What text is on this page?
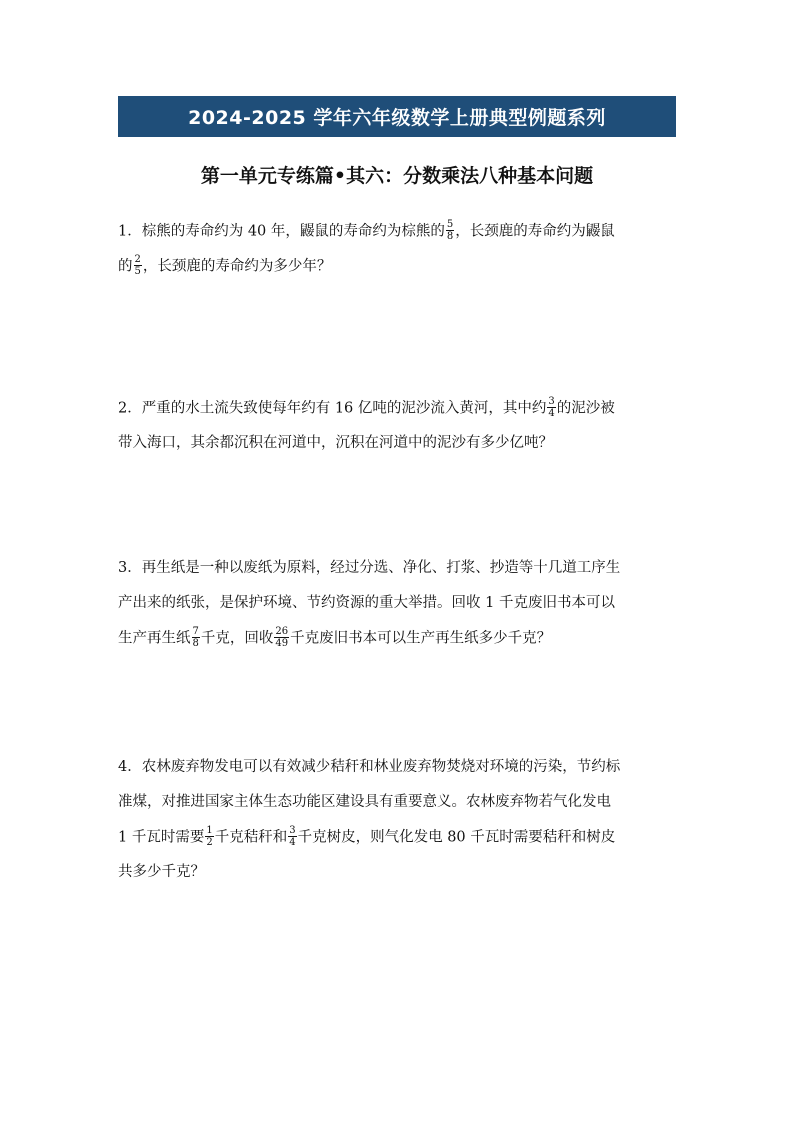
2024-2025 学年六年级数学上册典型例题系列
第一单元专练篇•其六：分数乘法八种基本问题
1．棕熊的寿命约为 40 年，鼹鼠的寿命约为棕熊的 $\frac{5}{8}$ ，长颈鹿的寿命约为鼹鼠
的 $\frac{2}{5}$ ，长颈鹿的寿命约为多少年？
2．严重的水土流失致使每年约有 16 亿吨的泥沙流入黄河，其中约 $\frac{3}{4}$ 的泥沙被
带入海口，其余都沉积在河道中，沉积在河道中的泥沙有多少亿吨？
3．再生纸是一种以废纸为原料，经过分选、净化、打浆、抄造等十几道工序生
产出来的纸张，是保护环境、节约资源的重大举措。回收 1 千克废旧书本可以
生产再生纸 $\frac{7}{8}$ 千克，回收 $\frac{26}{49}$ 千克废旧书本可以生产再生纸多少千克？
4．农林废弃物发电可以有效减少秸秆和林业废弃物焚烧对环境的污染，节约标
准煤，对推进国家主体生态功能区建设具有重要意义。农林废弃物若气化发电
1 千瓦时需要 $\frac{1}{2}$ 千克秸秆和 $\frac{3}{4}$ 千克树皮，则气化发电 80 千瓦时需要秸秆和树皮
共多少千克？
